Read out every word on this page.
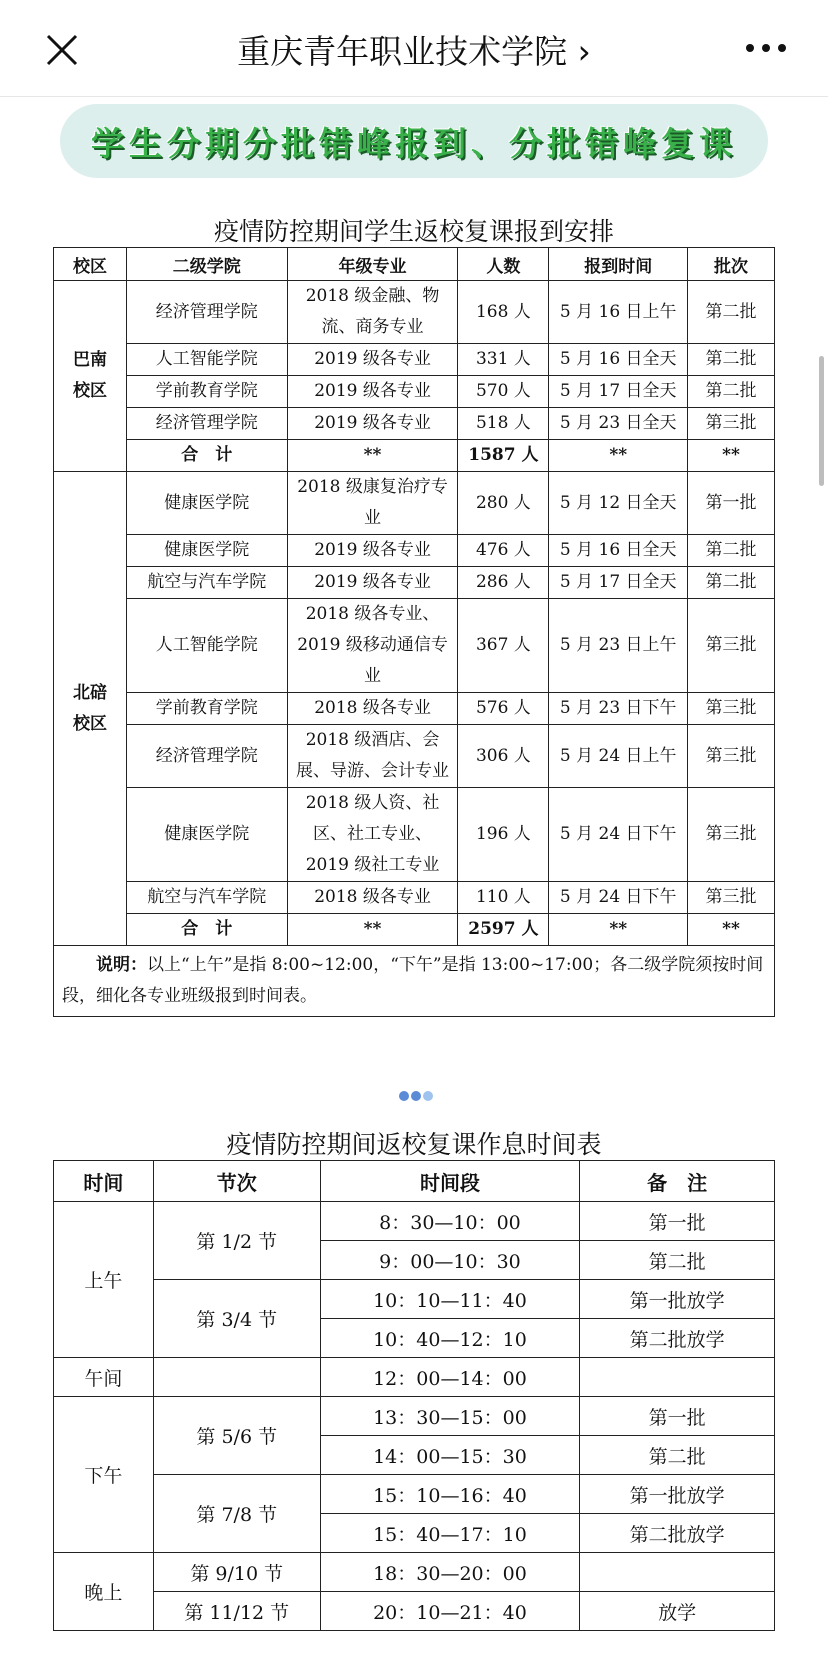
重庆青年职业技术学院 ›
学生分期分批错峰报到、分批错峰复课
疫情防控期间学生返校复课报到安排
校区	二级学院	年级专业	人数	报到时间	批次
巴南校区	经济管理学院	2018 级金融、物流、商务专业	168 人	5 月 16 日上午	第二批
	人工智能学院	2019 级各专业	331 人	5 月 16 日全天	第二批
	学前教育学院	2019 级各专业	570 人	5 月 17 日全天	第二批
	经济管理学院	2019 级各专业	518 人	5 月 23 日全天	第三批
	合　计	**	1587 人	**	**
北碚校区	健康医学院	2018 级康复治疗专业	280 人	5 月 12 日全天	第一批
	健康医学院	2019 级各专业	476 人	5 月 16 日全天	第二批
	航空与汽车学院	2019 级各专业	286 人	5 月 17 日全天	第二批
	人工智能学院	2018 级各专业、2019 级移动通信专业	367 人	5 月 23 日上午	第三批
	学前教育学院	2018 级各专业	576 人	5 月 23 日下午	第三批
	经济管理学院	2018 级酒店、会展、导游、会计专业	306 人	5 月 24 日上午	第三批
	健康医学院	2018 级人资、社区、社工专业、2019 级社工专业	196 人	5 月 24 日下午	第三批
	航空与汽车学院	2018 级各专业	110 人	5 月 24 日下午	第三批
	合　计	**	2597 人	**	**
  说明：以上“上午”是指 8:00~12:00，“下午”是指 13:00~17:00；各二级学院须按时间段，细化各专业班级报到时间表。					
疫情防控期间返校复课作息时间表
时间	节次	时间段	备　注
上午	第 1/2 节	8：30—10：00	第一批
		9：00—10：30	第二批
	第 3/4 节	10：10—11：40	第一批放学
		10：40—12：10	第二批放学
午间		12：00—14：00	
下午	第 5/6 节	13：30—15：00	第一批
		14：00—15：30	第二批
	第 7/8 节	15：10—16：40	第一批放学
		15：40—17：10	第二批放学
晚上	第 9/10 节	18：30—20：00	
	第 11/12 节	20：10—21：40	放学
